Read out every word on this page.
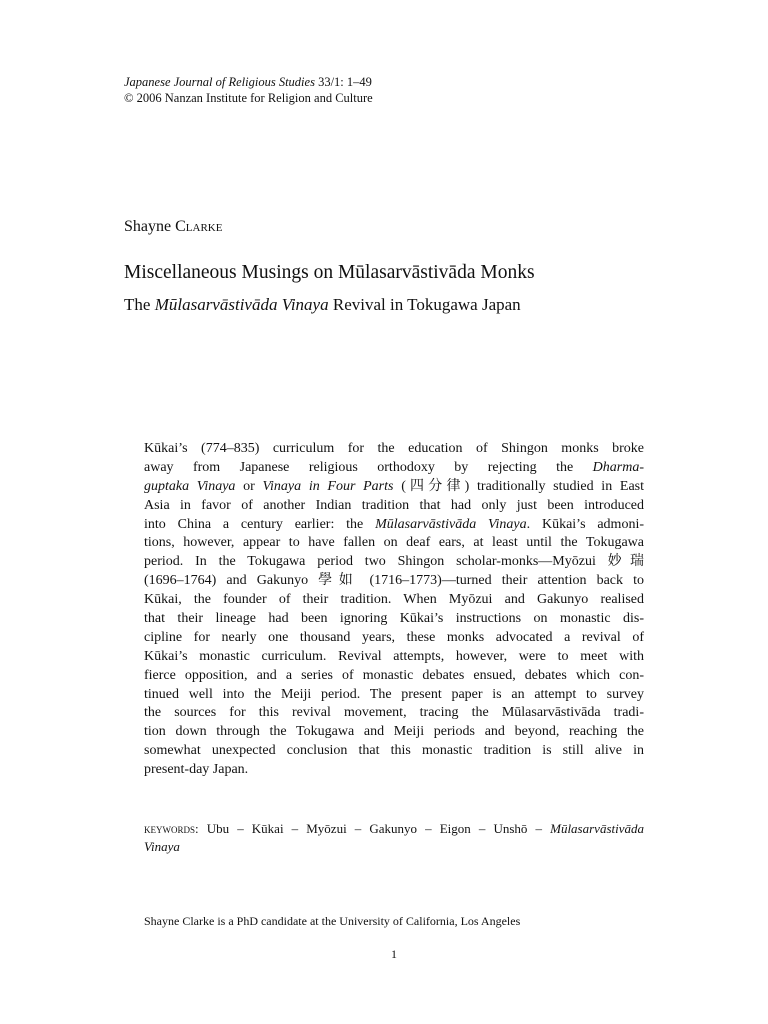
Japanese Journal of Religious Studies 33/1: 1–49
© 2006 Nanzan Institute for Religion and Culture
Shayne Clarke
Miscellaneous Musings on Mūlasarvāstivāda Monks
The Mūlasarvāstivāda Vinaya Revival in Tokugawa Japan
Kūkai’s (774–835) curriculum for the education of Shingon monks broke
away from Japanese religious orthodoxy by rejecting the Dharma-
guptaka Vinaya or Vinaya in Four Parts (四分律) traditionally studied in East
Asia in favor of another Indian tradition that had only just been introduced
into China a century earlier: the Mūlasarvāstivāda Vinaya. Kūkai’s admoni-
tions, however, appear to have fallen on deaf ears, at least until the Tokugawa
period. In the Tokugawa period two Shingon scholar-monks—Myōzui 妙瑞
(1696–1764) and Gakunyo 學如 (1716–1773)—turned their attention back to
Kūkai, the founder of their tradition. When Myōzui and Gakunyo realised
that their lineage had been ignoring Kūkai’s instructions on monastic dis-
cipline for nearly one thousand years, these monks advocated a revival of
Kūkai’s monastic curriculum. Revival attempts, however, were to meet with
fierce opposition, and a series of monastic debates ensued, debates which con-
tinued well into the Meiji period. The present paper is an attempt to survey
the sources for this revival movement, tracing the Mūlasarvāstivāda tradi-
tion down through the Tokugawa and Meiji periods and beyond, reaching the
somewhat unexpected conclusion that this monastic tradition is still alive in
present-day Japan.
keywords: Ubu – Kūkai – Myōzui – Gakunyo – Eigon – Unshō – Mūlasarvāstivāda
Vinaya
Shayne Clarke is a PhD candidate at the University of California, Los Angeles
1
